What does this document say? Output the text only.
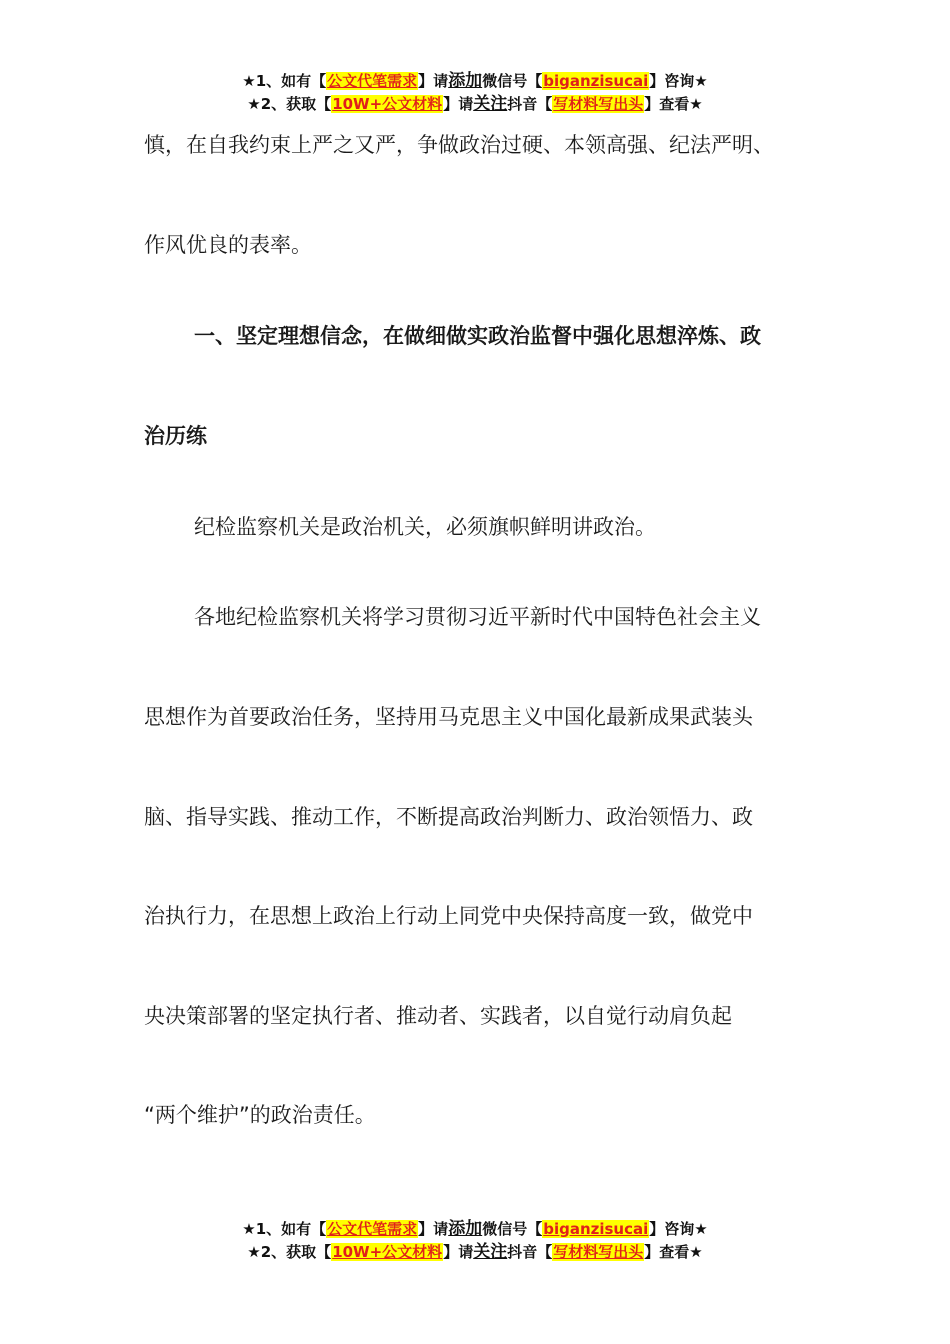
★1、如有【公文代笔需求】请添加微信号【biganzisucai】咨询★
★2、获取【10W+公文材料】请关注抖音【写材料写出头】查看★
慎，在自我约束上严之又严，争做政治过硬、本领高强、纪法严明、
作风优良的表率。
一、坚定理想信念，在做细做实政治监督中强化思想淬炼、政
治历练
纪检监察机关是政治机关，必须旗帜鲜明讲政治。
各地纪检监察机关将学习贯彻习近平新时代中国特色社会主义
思想作为首要政治任务，坚持用马克思主义中国化最新成果武装头
脑、指导实践、推动工作，不断提高政治判断力、政治领悟力、政
治执行力，在思想上政治上行动上同党中央保持高度一致，做党中
央决策部署的坚定执行者、推动者、实践者，以自觉行动肩负起
“两个维护”的政治责任。
★1、如有【公文代笔需求】请添加微信号【biganzisucai】咨询★
★2、获取【10W+公文材料】请关注抖音【写材料写出头】查看★
